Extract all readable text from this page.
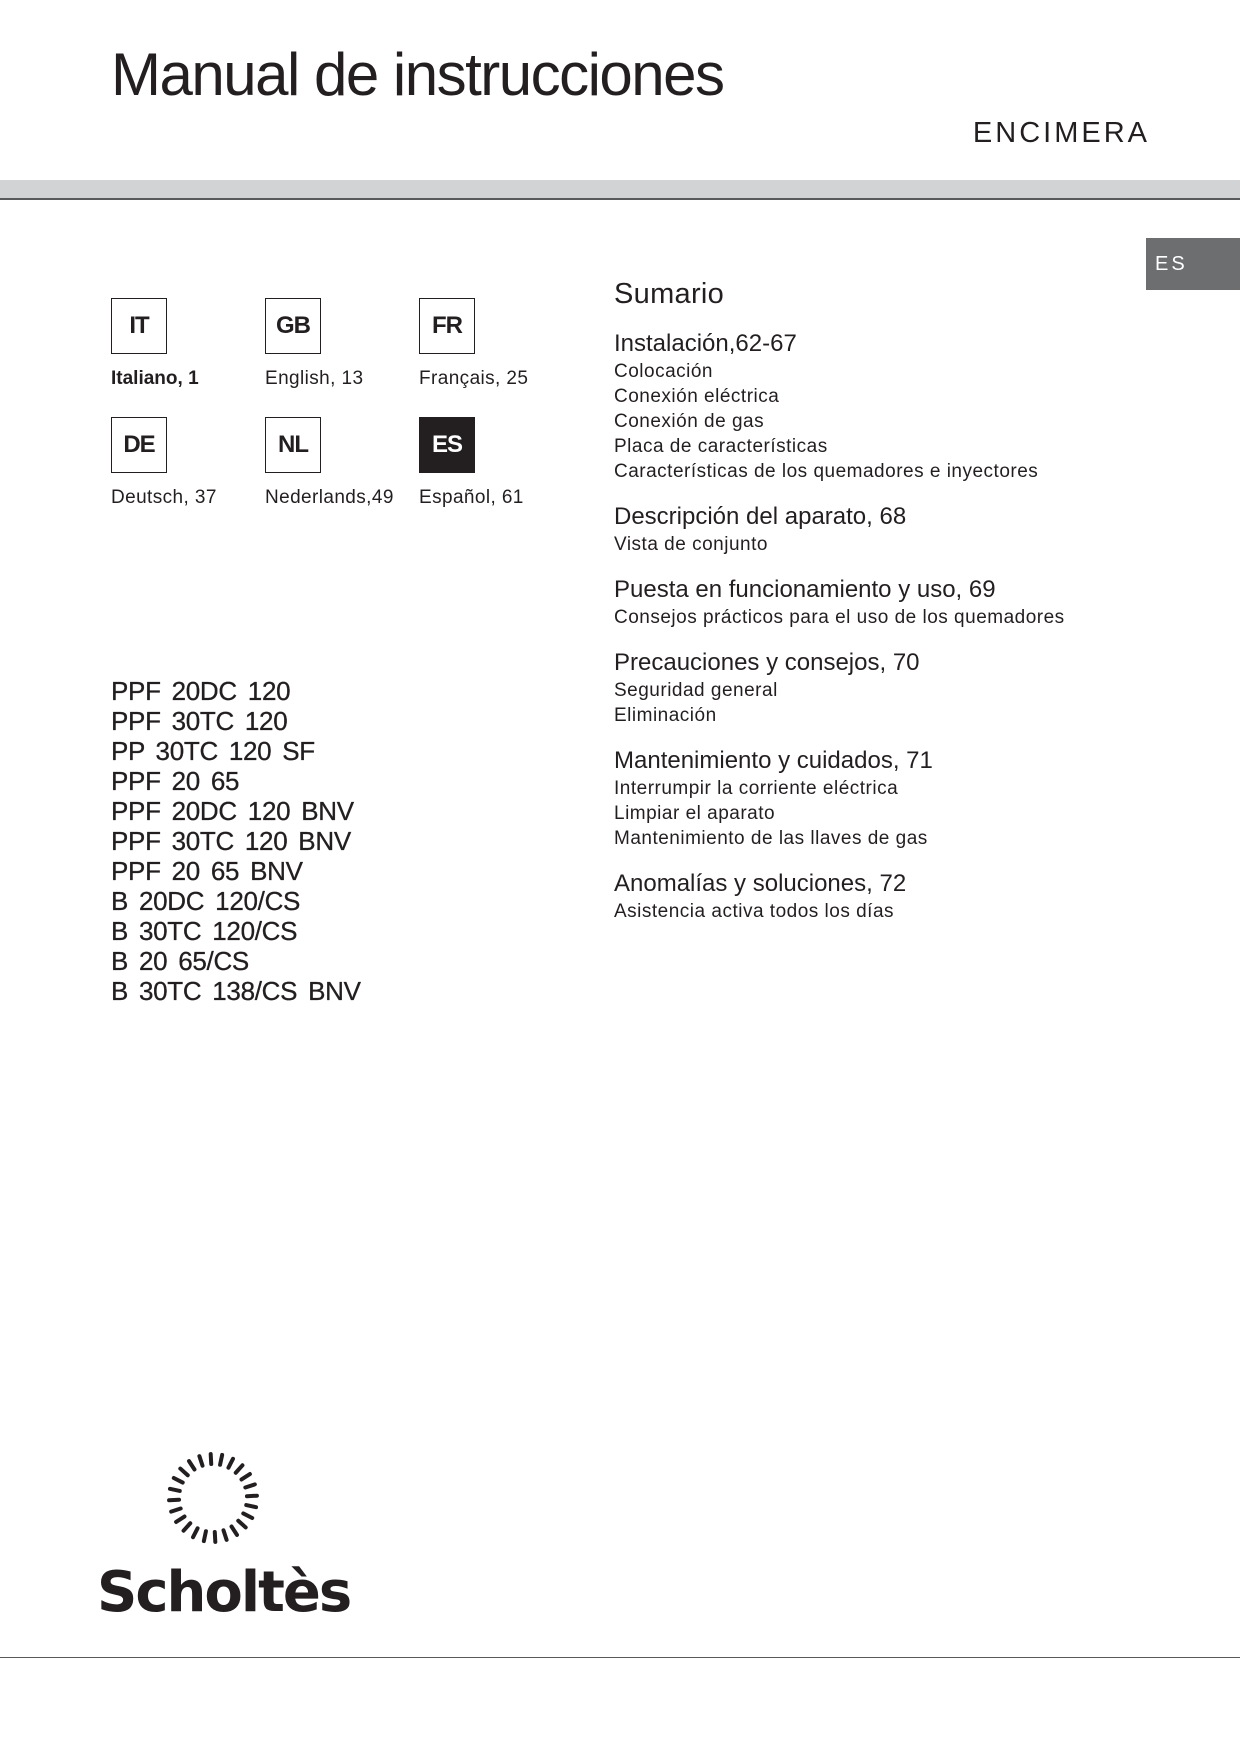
Manual de instrucciones
ENCIMERA
ES
IT
Italiano, 1
GB
English, 13
FR
Français, 25
DE
Deutsch, 37
NL
Nederlands,49
ES
Español, 61
PPF 20DC 120
PPF 30TC 120
PP 30TC 120 SF
PPF 20 65
PPF 20DC 120 BNV
PPF 30TC 120 BNV
PPF 20 65 BNV
B 20DC 120/CS
B 30TC 120/CS
B 20 65/CS
B 30TC 138/CS BNV
Sumario
Instalación,62-67
Colocación
Conexión eléctrica
Conexión de gas
Placa de características
Características de los quemadores e inyectores
Descripción del aparato, 68
Vista de conjunto
Puesta en funcionamiento y uso, 69
Consejos prácticos para el uso de los quemadores
Precauciones y consejos, 70
Seguridad general
Eliminación
Mantenimiento y cuidados, 71
Interrumpir la corriente eléctrica
Limpiar el aparato
Mantenimiento de las llaves de gas
Anomalías y soluciones, 72
Asistencia activa todos los días
Scholtès
